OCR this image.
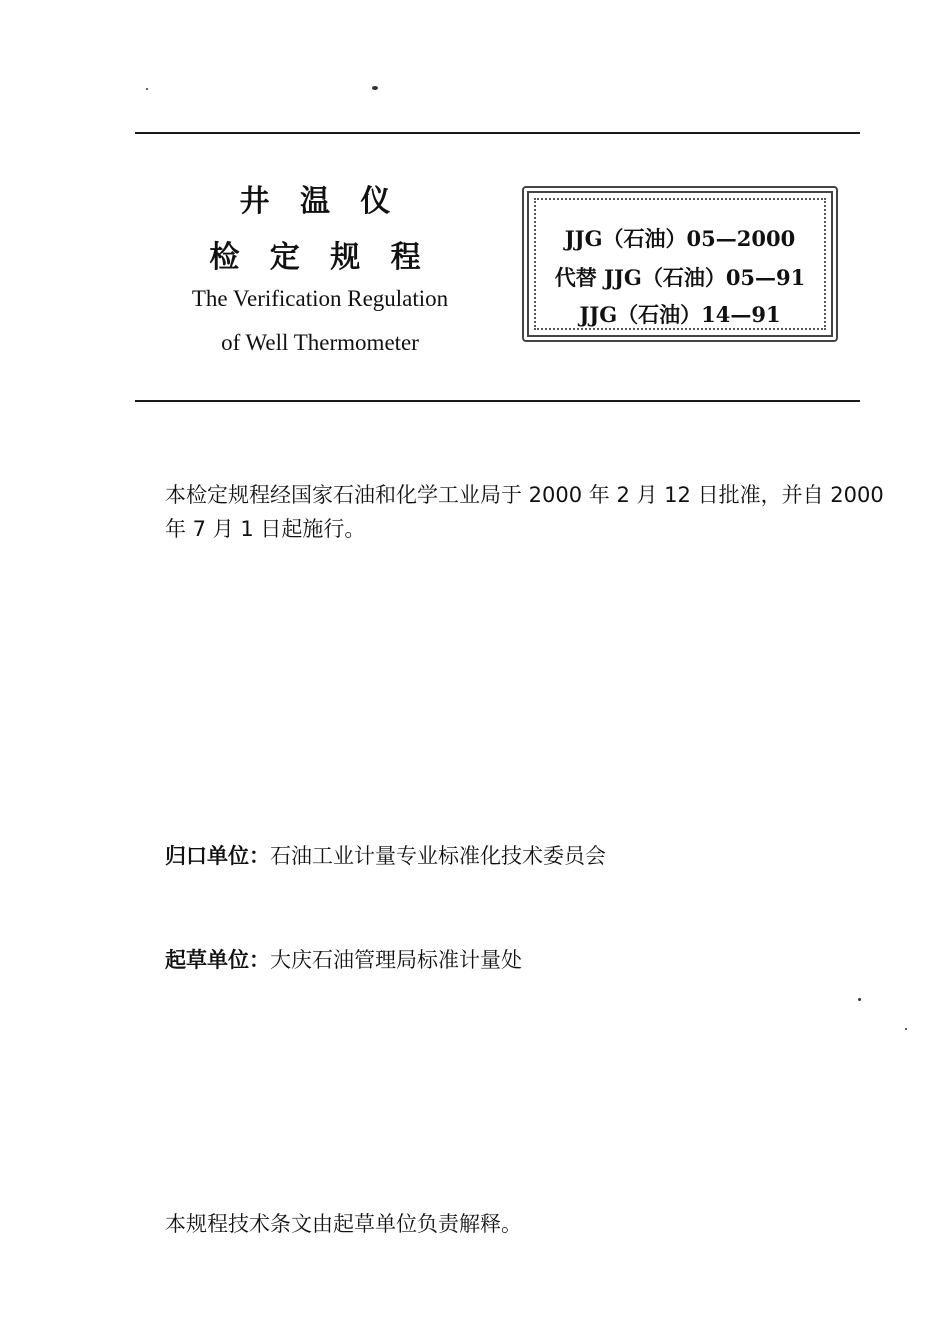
井 温 仪
检 定 规 程
The Verification Regulation
of Well Thermometer
JJG（石油）05—2000
代替 JJG（石油）05—91
JJG（石油）14—91
本检定规程经国家石油和化学工业局于 2000 年 2 月 12 日批准，并自 2000 年 7 月 1 日起施行。
归口单位：石油工业计量专业标准化技术委员会
起草单位：大庆石油管理局标准计量处
本规程技术条文由起草单位负责解释。
